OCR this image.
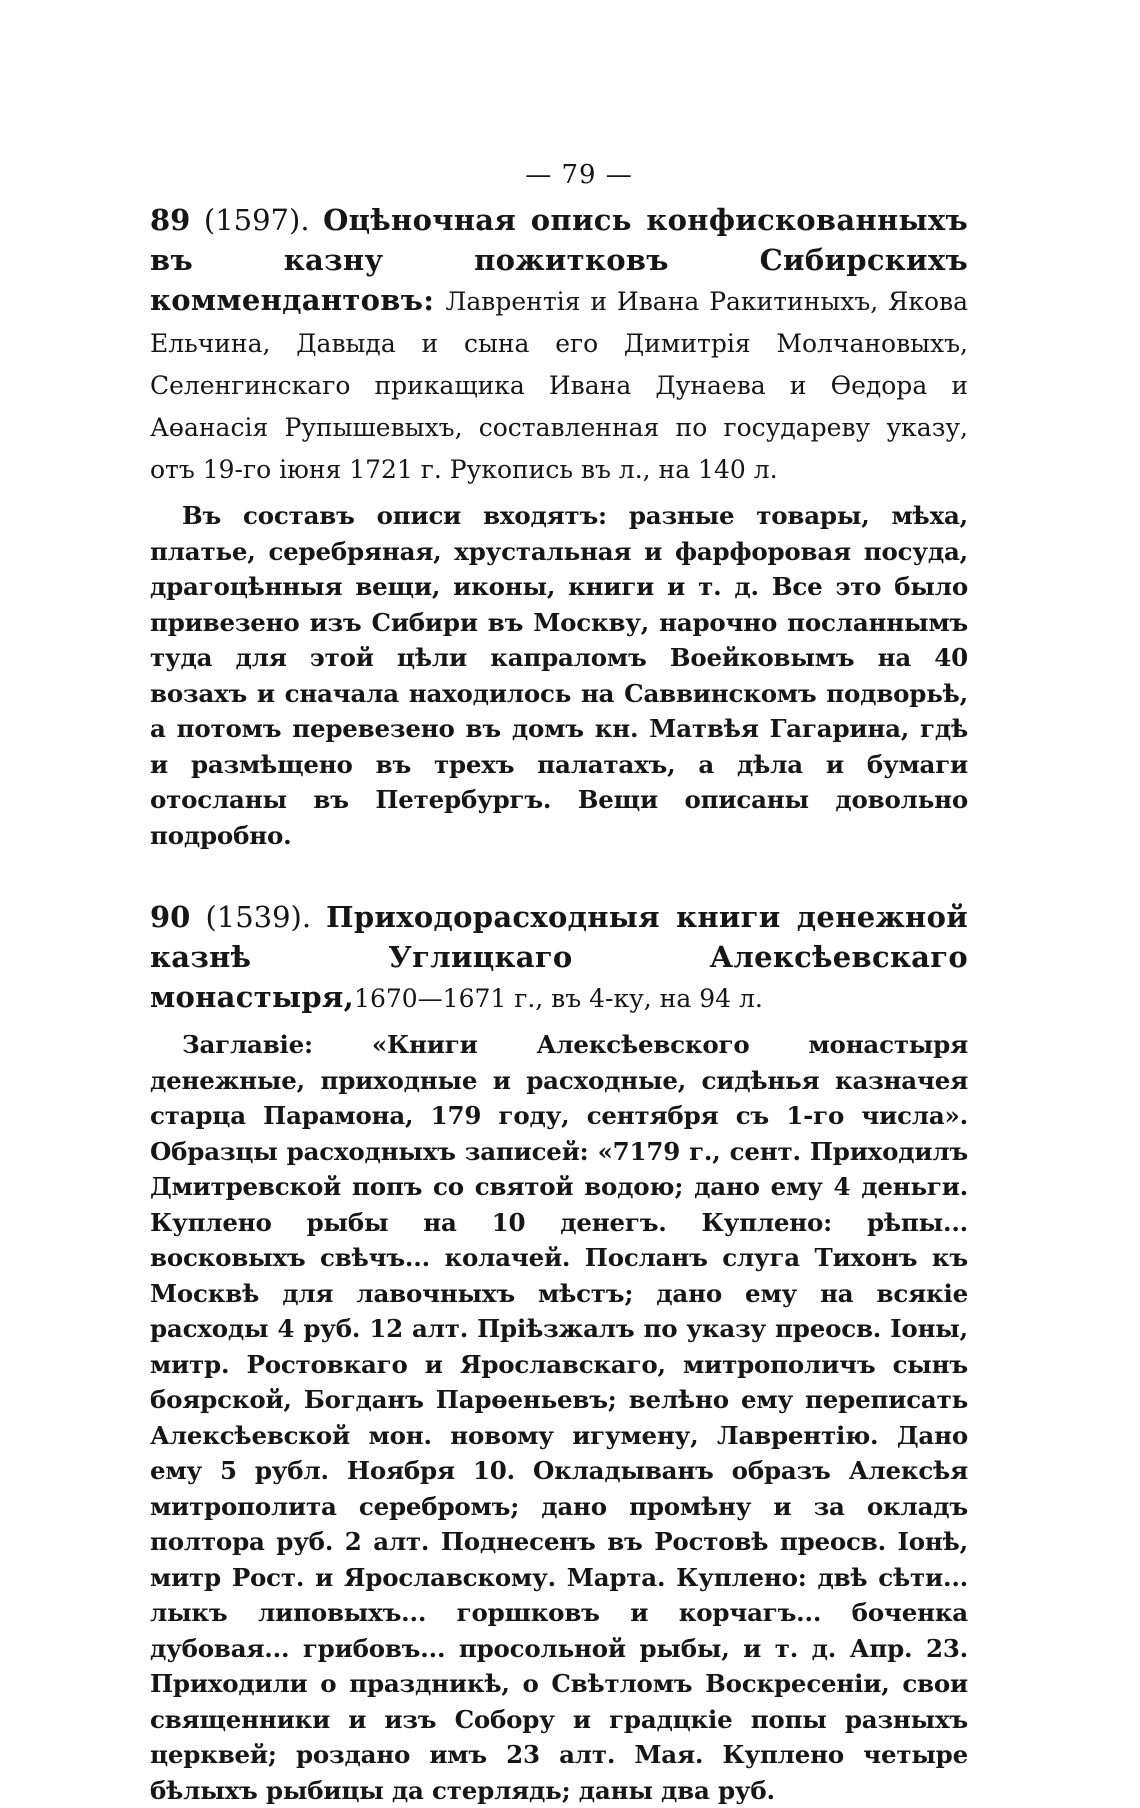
— 79 —

89 (1597). Оцѣночная опись конфискованныхъ въ казну пожитковъ Сибирскихъ коммендантовъ: Лаврентія и Ивана Ракитиныхъ, Якова Ельчина, Давыда и сына его Димитрія Молчановыхъ, Селенгинскаго прикащика Ивана Дунаева и Өедора и Аөанасія Рупышевыхъ, составленная по государеву указу, отъ 19-го іюня 1721 г. Рукопись въ л., на 140 л.

Въ составъ описи входятъ: разные товары, мѣха, платье, серебряная, хрустальная и фарфоровая посуда, драгоцѣнныя вещи, иконы, книги и т. д. Все это было привезено изъ Сибири въ Москву, нарочно посланнымъ туда для этой цѣли капраломъ Воейковымъ на 40 возахъ и сначала находилось на Саввинскомъ подворьѣ, а потомъ перевезено въ домъ кн. Матвѣя Гагарина, гдѣ и размѣщено въ трехъ палатахъ, а дѣла и бумаги отосланы въ Петербургъ. Вещи описаны довольно подробно.

90 (1539). Приходорасходныя книги денежной казнѣ Углицкаго Алексѣевскаго монастыря,1670—1671 г., въ 4-ку, на 94 л.

Заглавіе: «Книги Алексѣевского монастыря денежные, приходные и расходные, сидѣнья казначея старца Парамона, 179 году, сентября съ 1-го числа». Образцы расходныхъ записей: «7179 г., сент. Приходилъ Дмитревской попъ со святой водою; дано ему 4 деньги. Куплено рыбы на 10 денегъ. Куплено: рѣпы... восковыхъ свѣчъ... колачей. Посланъ слуга Тихонъ къ Москвѣ для лавочныхъ мѣстъ; дано ему на всякіе расходы 4 руб. 12 алт. Пріѣзжалъ по указу преосв. Іоны, митр. Ростовкаго и Ярославскаго, митрополичъ сынъ боярской, Богданъ Парөеньевъ; велѣно ему переписать Алексѣевской мон. новому игумену, Лаврентію. Дано ему 5 рубл. Ноября 10. Окладыванъ образъ Алексѣя митрополита серебромъ; дано промѣну и за окладъ полтора руб. 2 алт. Поднесенъ въ Ростовѣ преосв. Іонѣ, митр Рост. и Ярославскому. Марта. Куплено: двѣ сѣти... лыкъ липовыхъ... горшковъ и корчагъ... боченка дубовая... грибовъ... просольной рыбы, и т. д. Апр. 23. Приходили о праздникѣ, о Свѣтломъ Воскресеніи, свои священники и изъ Собору и градцкіе попы разныхъ церквей; роздано имъ 23 алт. Мая. Куплено четыре бѣлыхъ рыбицы да стерлядь; даны два руб.
